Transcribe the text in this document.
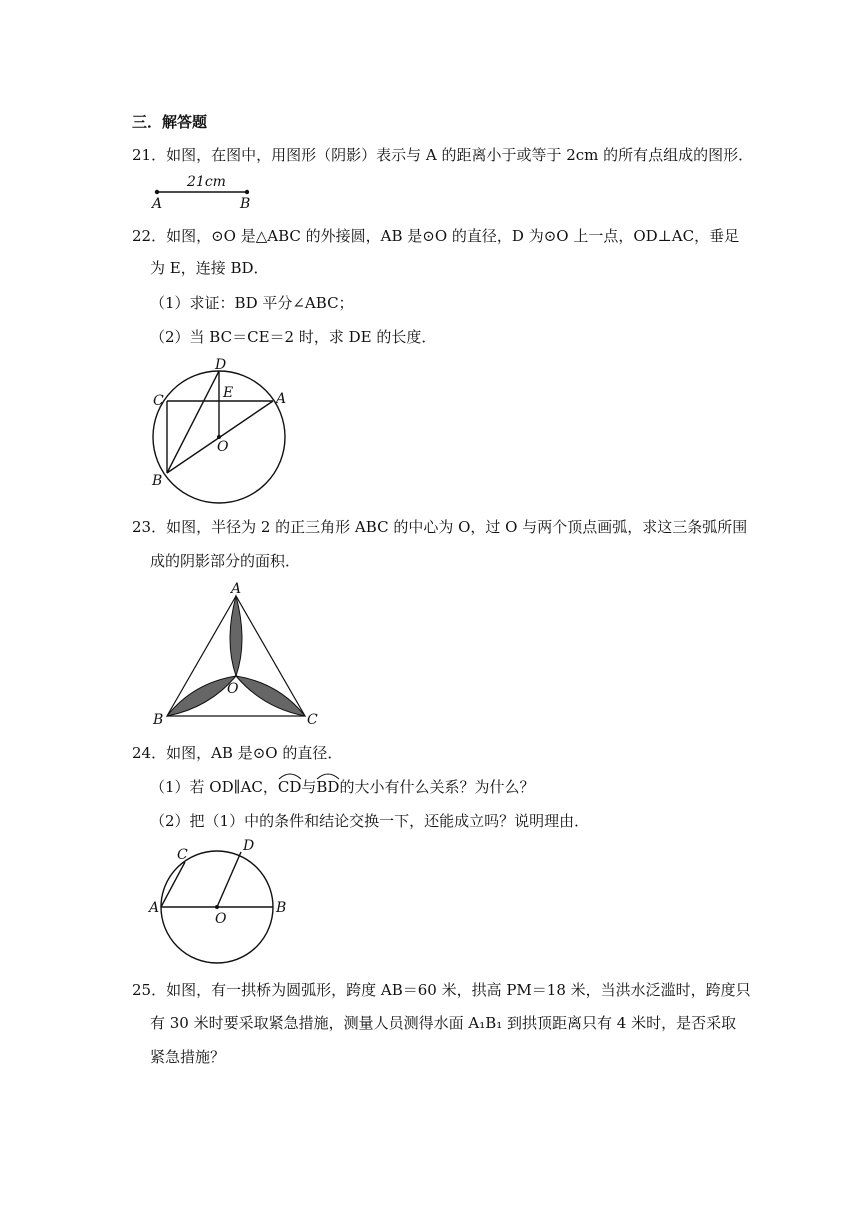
三．解答题
21．如图，在图中，用图形（阴影）表示与 A 的距离小于或等于 2cm 的所有点组成的图形．
21cm
A	B
22．如图，⊙O 是△ABC 的外接圆，AB 是⊙O 的直径，D 为⊙O 上一点，OD⊥AC，垂足
为 E，连接 BD．
（1）求证：BD 平分∠ABC；
（2）当 BC＝CE＝2 时，求 DE 的长度．
D
E
C	A
O
B
23．如图，半径为 2 的正三角形 ABC 的中心为 O，过 O 与两个顶点画弧，求这三条弧所围
成的阴影部分的面积．
A
B	C
O
24．如图，AB 是⊙O 的直径．
（1）若 OD∥AC，
CD与
BD的大小有什么关系？为什么？
（2）把（1）中的条件和结论交换一下，还能成立吗？说明理由．
A	B
C
D
O
25．如图，有一拱桥为圆弧形，跨度 AB＝60 米，拱高 PM＝18 米，当洪水泛滥时，跨度只
有 30 米时要采取紧急措施，测量人员测得水面 A₁B₁ 到拱顶距离只有 4 米时，是否采取
紧急措施？
